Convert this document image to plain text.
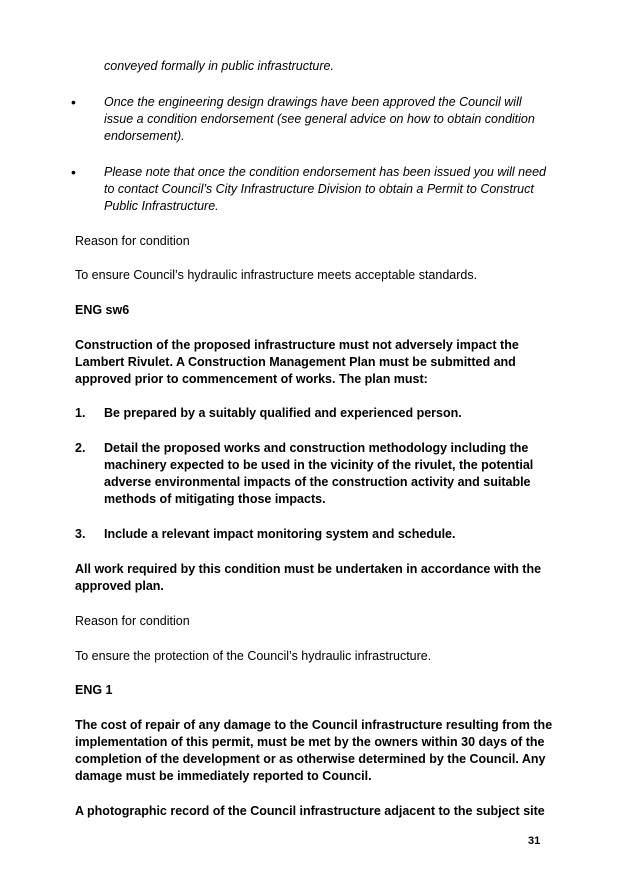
conveyed formally in public infrastructure.

• Once the engineering design drawings have been approved the Council will issue a condition endorsement (see general advice on how to obtain condition endorsement).

• Please note that once the condition endorsement has been issued you will need to contact Council’s City Infrastructure Division to obtain a Permit to Construct Public Infrastructure.

Reason for condition

To ensure Council’s hydraulic infrastructure meets acceptable standards.

ENG sw6

Construction of the proposed infrastructure must not adversely impact the Lambert Rivulet. A Construction Management Plan must be submitted and approved prior to commencement of works. The plan must:

1. Be prepared by a suitably qualified and experienced person.

2. Detail the proposed works and construction methodology including the machinery expected to be used in the vicinity of the rivulet, the potential adverse environmental impacts of the construction activity and suitable methods of mitigating those impacts.

3. Include a relevant impact monitoring system and schedule.

All work required by this condition must be undertaken in accordance with the approved plan.

Reason for condition

To ensure the protection of the Council’s hydraulic infrastructure.

ENG 1

The cost of repair of any damage to the Council infrastructure resulting from the implementation of this permit, must be met by the owners within 30 days of the completion of the development or as otherwise determined by the Council. Any damage must be immediately reported to Council.

A photographic record of the Council infrastructure adjacent to the subject site

31
